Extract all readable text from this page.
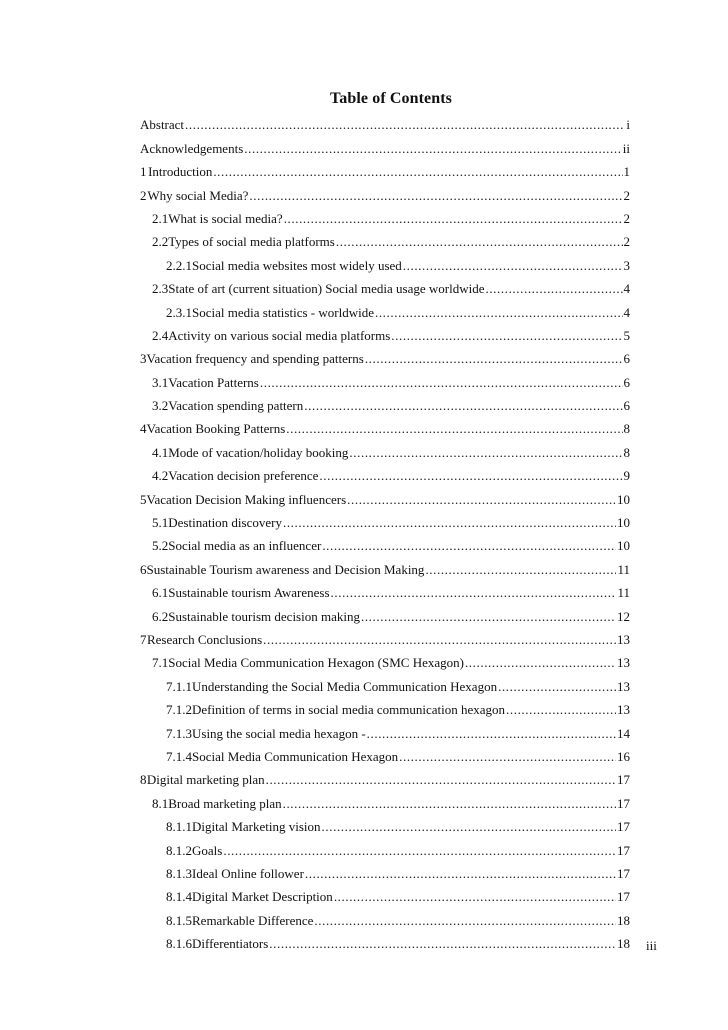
Table of Contents
Abstract .....	i
Acknowledgements .....	ii
1 Introduction .....	1
2 Why social Media? .....	2
2.1 What is social media? .....	2
2.2 Types of social media platforms .....	2
2.2.1 Social media websites most widely used .....	3
2.3 State of art (current situation) Social media usage worldwide .....	4
2.3.1 Social media statistics - worldwide .....	4
2.4 Activity on various social media platforms .....	5
3 Vacation frequency and spending patterns .....	6
3.1 Vacation Patterns .....	6
3.2 Vacation spending pattern .....	6
4 Vacation Booking Patterns .....	8
4.1 Mode of vacation/holiday booking .....	8
4.2 Vacation decision preference .....	9
5 Vacation Decision Making influencers .....	10
5.1 Destination discovery .....	10
5.2 Social media as an influencer .....	10
6 Sustainable Tourism awareness and Decision Making .....	11
6.1 Sustainable tourism Awareness .....	11
6.2 Sustainable tourism decision making .....	12
7 Research Conclusions .....	13
7.1 Social Media Communication Hexagon (SMC Hexagon) .....	13
7.1.1 Understanding the Social Media Communication Hexagon .....	13
7.1.2 Definition of terms in social media communication hexagon .....	13
7.1.3 Using the social media hexagon - .....	14
7.1.4 Social Media Communication Hexagon .....	16
8 Digital marketing plan .....	17
8.1 Broad marketing plan .....	17
8.1.1 Digital Marketing vision .....	17
8.1.2 Goals .....	17
8.1.3 Ideal Online follower .....	17
8.1.4 Digital Market Description .....	17
8.1.5 Remarkable Difference .....	18
8.1.6 Differentiators .....	18 iii
